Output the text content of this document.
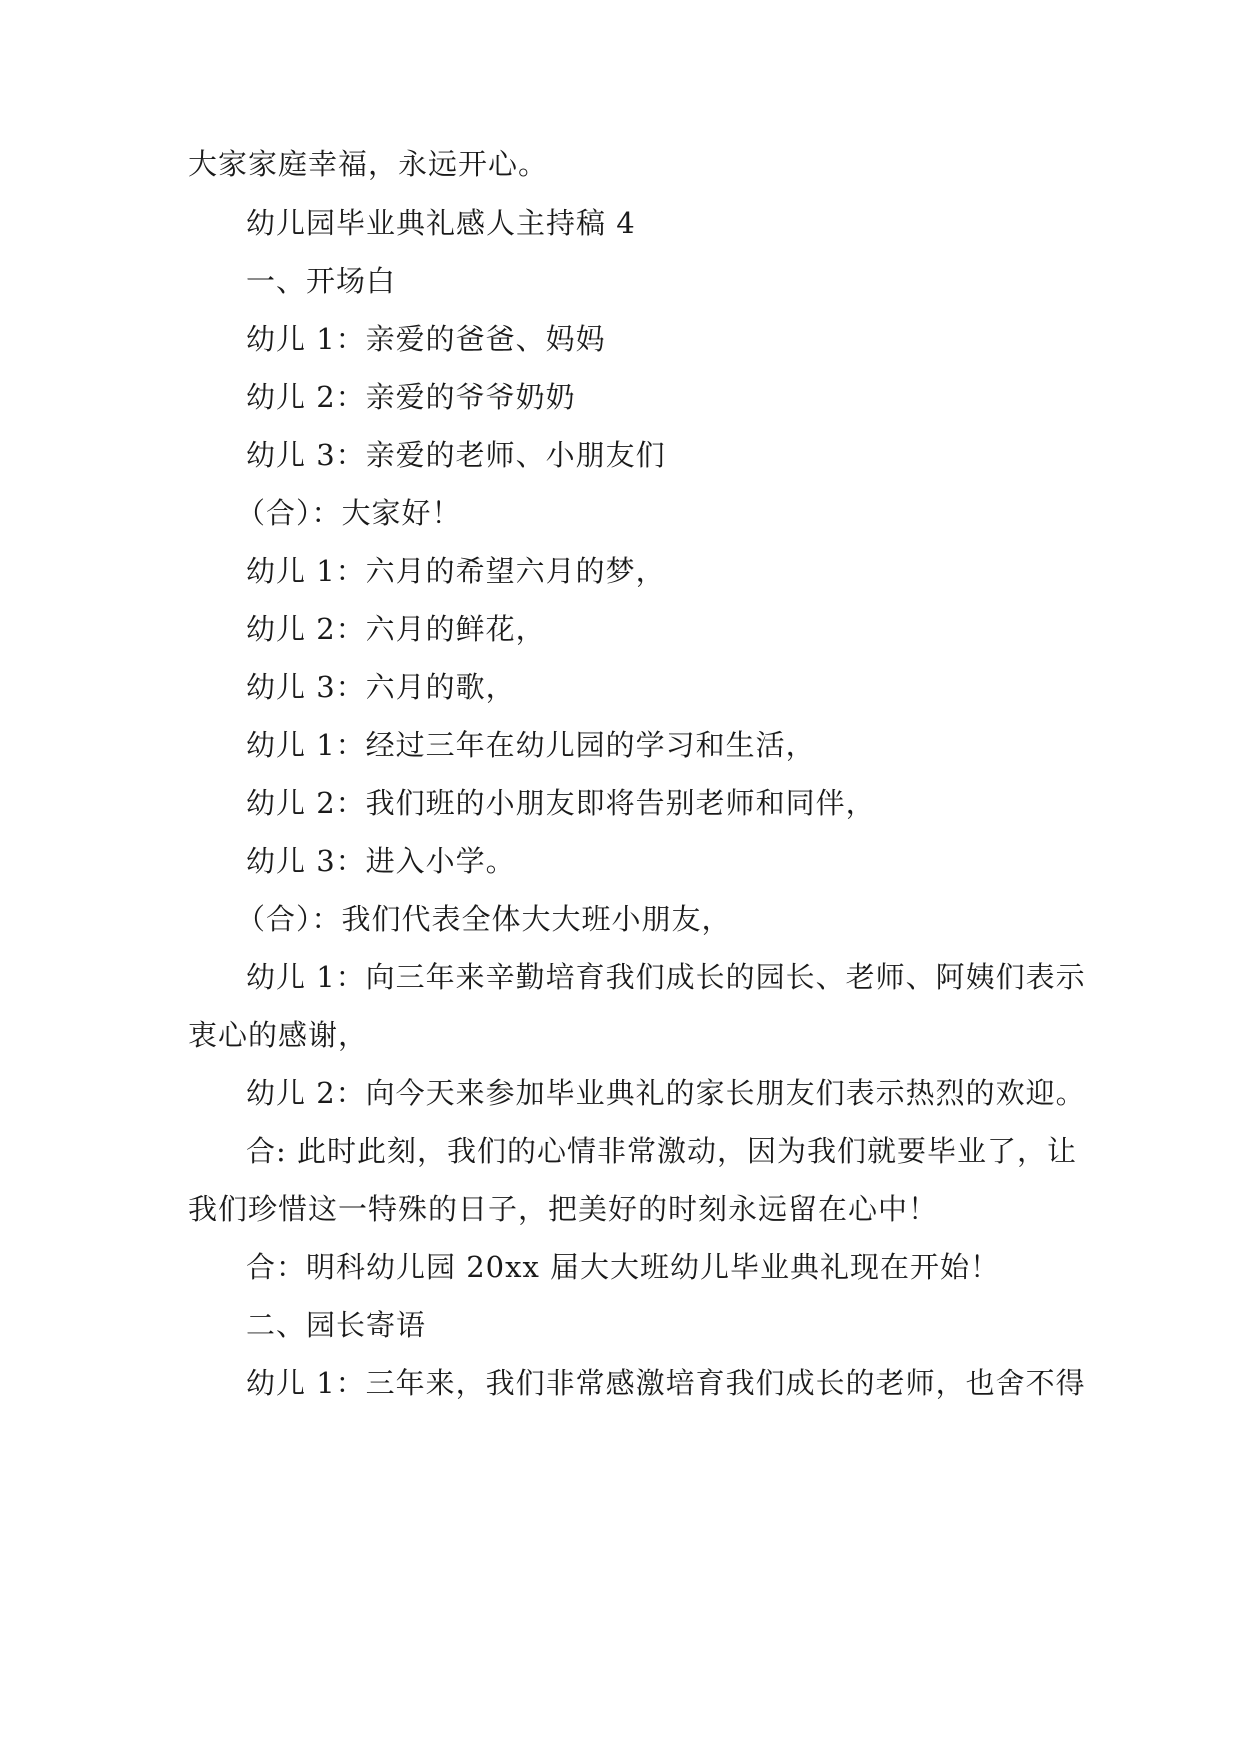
大家家庭幸福，永远开心。
幼儿园毕业典礼感人主持稿 4
一、开场白
幼儿 1：亲爱的爸爸、妈妈
幼儿 2：亲爱的爷爷奶奶
幼儿 3：亲爱的老师、小朋友们
（合）：大家好！
幼儿 1：六月的希望六月的梦，
幼儿 2：六月的鲜花，
幼儿 3：六月的歌，
幼儿 1：经过三年在幼儿园的学习和生活，
幼儿 2：我们班的小朋友即将告别老师和同伴，
幼儿 3：进入小学。
（合）：我们代表全体大大班小朋友，
幼儿 1：向三年来辛勤培育我们成长的园长、老师、阿姨们表示
衷心的感谢，
幼儿 2：向今天来参加毕业典礼的家长朋友们表示热烈的欢迎。
合: 此时此刻，我们的心情非常激动，因为我们就要毕业了，让
我们珍惜这一特殊的日子，把美好的时刻永远留在心中！
合：明科幼儿园 20xx 届大大班幼儿毕业典礼现在开始！
二、园长寄语
幼儿 1：三年来，我们非常感激培育我们成长的老师，也舍不得
